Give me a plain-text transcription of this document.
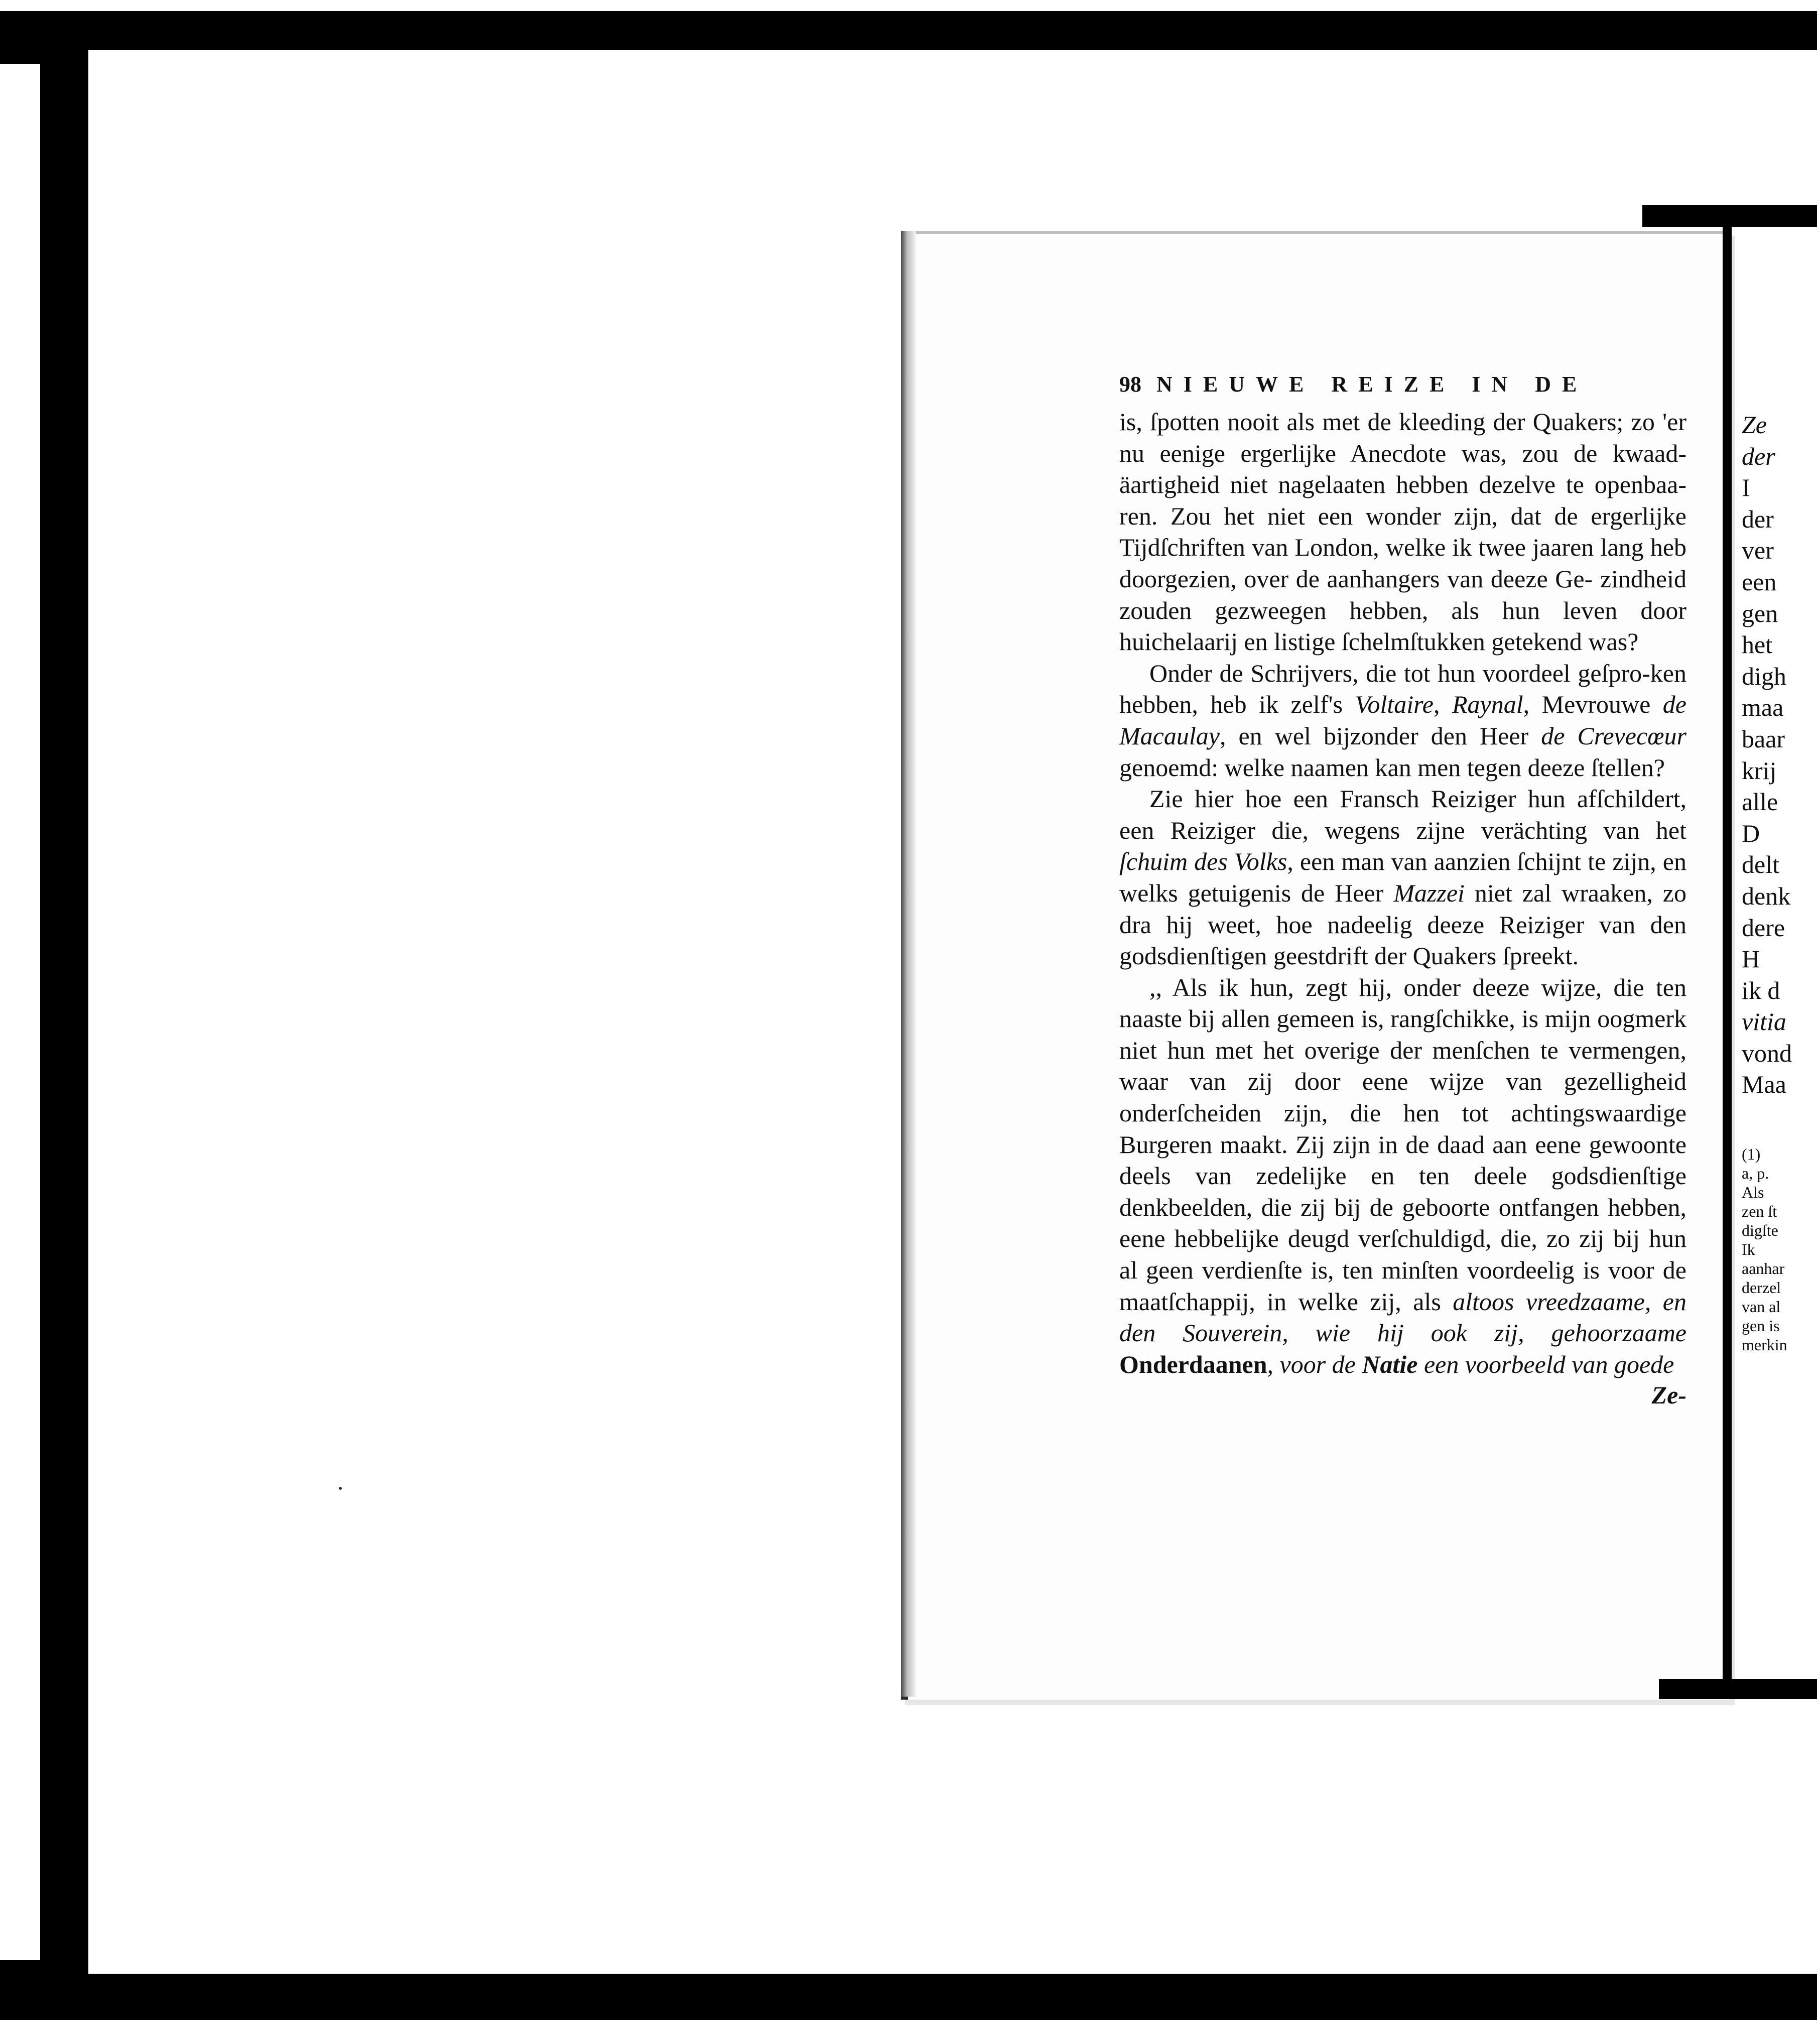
98 NIEUWE REIZE IN DE

is, ſpotten nooit als met de kleeding der Quakers; zo 'er nu eenige ergerlijke Anecdote was, zou de kwaad- äartigheid niet nagelaaten hebben dezelve te openbaa- ren. Zou het niet een wonder zijn, dat de ergerlijke Tijdſchriften van London, welke ik twee jaaren lang heb doorgezien, over de aanhangers van deeze Ge- zindheid zouden gezweegen hebben, als hun leven door huichelaarij en listige ſchelmſtukken getekend was?

Onder de Schrijvers, die tot hun voordeel geſpro-ken hebben, heb ik zelf's Voltaire, Raynal, Mevrouwe de Macaulay, en wel bijzonder den Heer de Crevecœur genoemd: welke naamen kan men tegen deeze ſtellen?

Zie hier hoe een Fransch Reiziger hun afſchildert, een Reiziger die, wegens zijne verächting van het ſchuim des Volks, een man van aanzien ſchijnt te zijn, en welks getuigenis de Heer Mazzei niet zal wraaken, zo dra hij weet, hoe nadeelig deeze Reiziger van den godsdienſtigen geestdrift der Quakers ſpreekt.

,, Als ik hun, zegt hij, onder deeze wijze, die ten naaste bij allen gemeen is, rangſchikke, is mijn oogmerk niet hun met het overige der menſchen te vermengen, waar van zij door eene wijze van gezelligheid onderſcheiden zijn, die hen tot achtingswaardige Burgeren maakt. Zij zijn in de daad aan eene gewoonte deels van zedelijke en ten deele godsdienſtige denkbeelden, die zij bij de geboorte ontfangen hebben, eene hebbelijke deugd verſchuldigd, die, zo zij bij hun al geen verdienſte is, ten minſten voordeelig is voor de maatſchappij, in welke zij, als altoos vreedzaame, en den Souverein, wie hij ook zij, gehoorzaame Onderdaanen, voor de Natie een voorbeeld van goede

Ze-
Ze
der
I
der
ver
een
gen
het
digh
maa
baar
krij
alle
D
delt
denk
dere
H
ik d
vitia
vond
Maa
(1)
a, p.
Als
zen ſt
digſte
Ik
aanhar
derzel
van al
gen is
merkin
